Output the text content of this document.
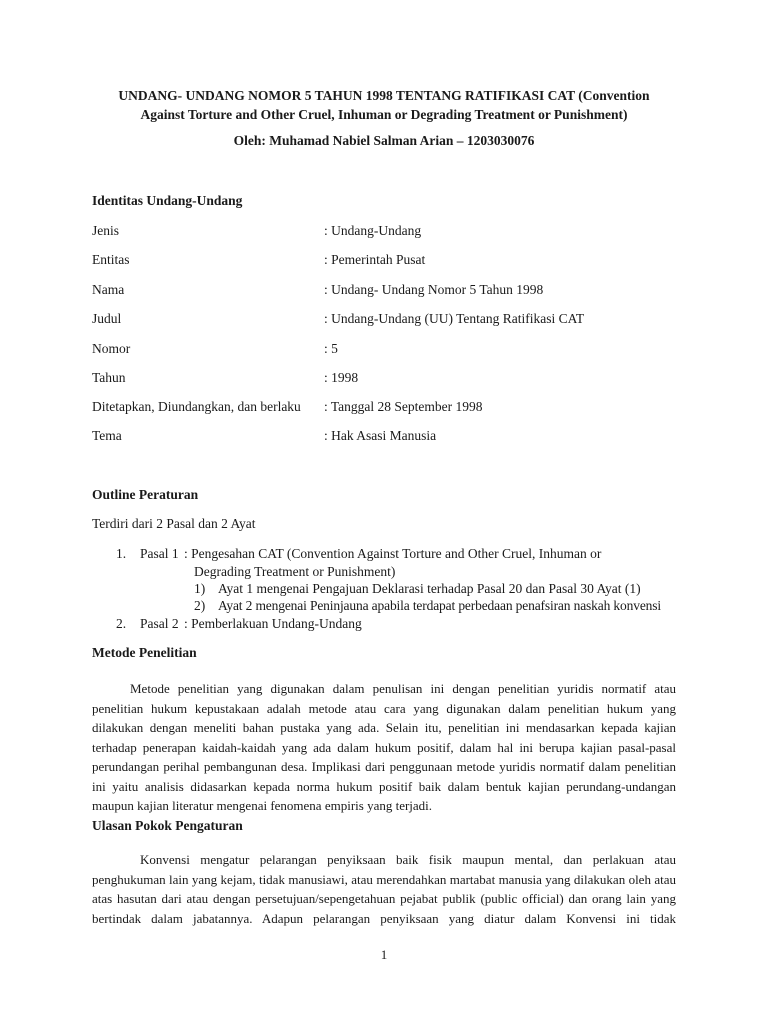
UNDANG- UNDANG NOMOR 5 TAHUN 1998 TENTANG RATIFIKASI CAT (Convention
Against Torture and Other Cruel, Inhuman or Degrading Treatment or Punishment)
Oleh: Muhamad Nabiel Salman Arian – 1203030076
Identitas Undang-Undang
Jenis	: Undang-Undang
Entitas	: Pemerintah Pusat
Nama	: Undang- Undang Nomor 5 Tahun 1998
Judul	: Undang-Undang (UU) Tentang Ratifikasi CAT
Nomor	: 5
Tahun	: 1998
Ditetapkan, Diundangkan, dan berlaku : Tanggal 28 September 1998
Tema	: Hak Asasi Manusia
Outline Peraturan
Terdiri dari 2 Pasal dan 2 Ayat
1. Pasal 1 : Pengesahan CAT (Convention Against Torture and Other Cruel, Inhuman or
Degrading Treatment or Punishment)
1) Ayat 1 mengenai Pengajuan Deklarasi terhadap Pasal 20 dan Pasal 30 Ayat (1)
2) Ayat 2 mengenai Peninjauna apabila terdapat perbedaan penafsiran naskah konvensi
2. Pasal 2 : Pemberlakuan Undang-Undang
Metode Penelitian
Metode penelitian yang digunakan dalam penulisan ini dengan penelitian yuridis normatif atau penelitian hukum kepustakaan adalah metode atau cara yang digunakan dalam penelitian hukum yang dilakukan dengan meneliti bahan pustaka yang ada. Selain itu, penelitian ini mendasarkan kepada kajian terhadap penerapan kaidah-kaidah yang ada dalam hukum positif, dalam hal ini berupa kajian pasal-pasal perundangan perihal pembangunan desa. Implikasi dari penggunaan metode yuridis normatif dalam penelitian ini yaitu analisis didasarkan kepada norma hukum positif baik dalam bentuk kajian perundang-undangan maupun kajian literatur mengenai fenomena empiris yang terjadi.
Ulasan Pokok Pengaturan
Konvensi mengatur pelarangan penyiksaan baik fisik maupun mental, dan perlakuan atau penghukuman lain yang kejam, tidak manusiawi, atau merendahkan martabat manusia yang dilakukan oleh atau atas hasutan dari atau dengan persetujuan/sepengetahuan pejabat publik (public official) dan orang lain yang bertindak dalam jabatannya. Adapun pelarangan penyiksaan yang diatur dalam Konvensi ini tidak
1
